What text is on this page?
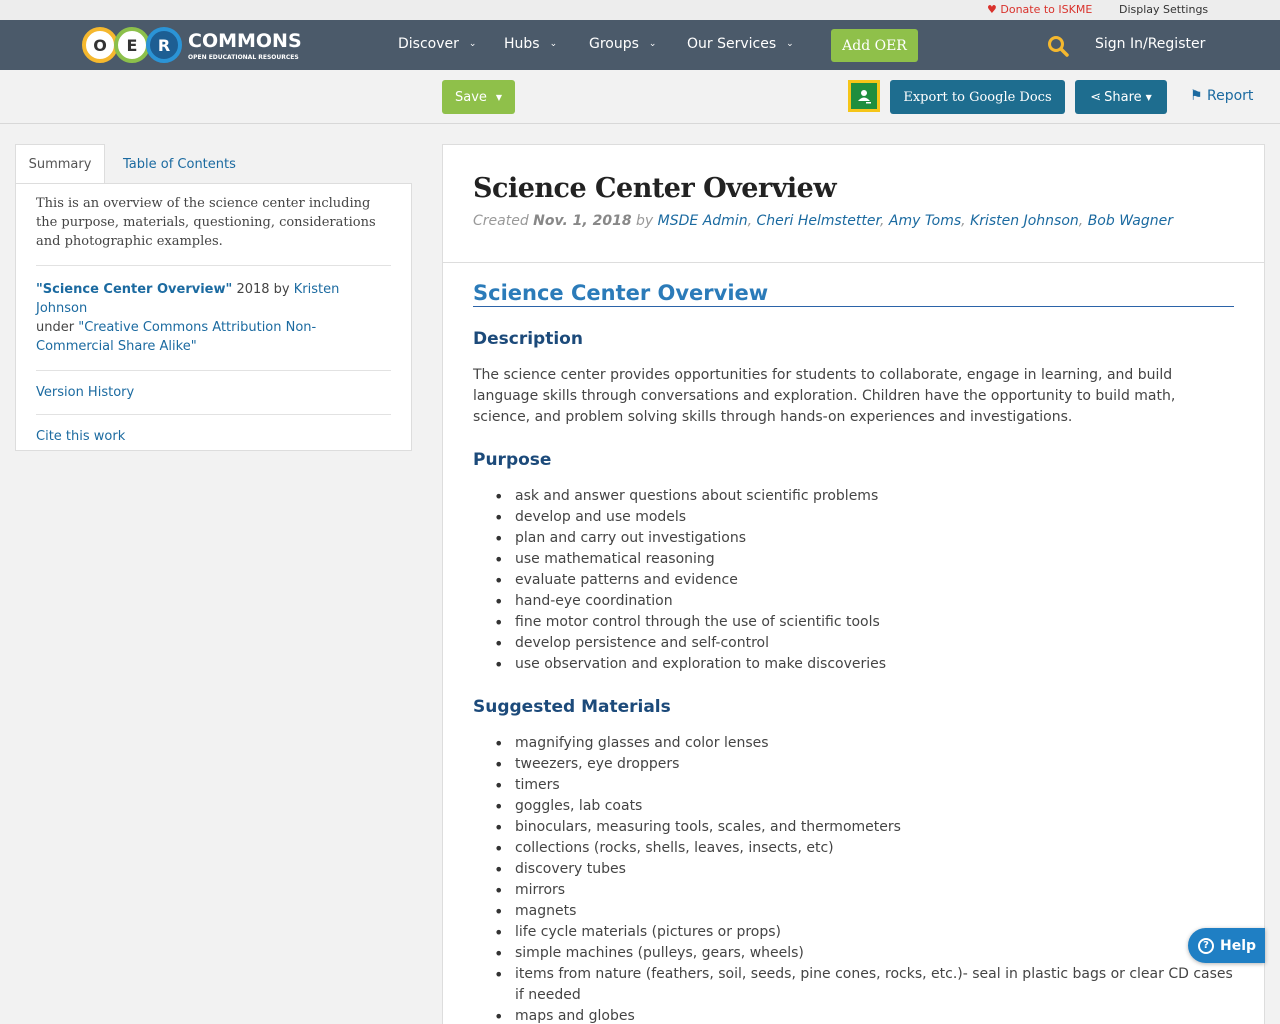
♥ Donate to ISKME Display Settings
O	E	R COMMONS
OPEN EDUCATIONAL RESOURCES
Discover ⌄ Hubs ⌄ Groups ⌄ Our Services ⌄	Add OER	Sign In/Register
Save ▼	Export to Google Docs	⋖ Share ▼	⚑ Report
Summary	Table of Contents

This is an overview of the science center including the purpose, materials, questioning, considerations and photographic examples.

"Science Center Overview" 2018 by Kristen Johnson
under "Creative Commons Attribution Non-Commercial Share Alike"

Version History
Cite this work
Science Center Overview

Created Nov. 1, 2018 by MSDE Admin, Cheri Helmstetter, Amy Toms, Kristen Johnson, Bob Wagner

Science Center Overview
Description

The science center provides opportunities for students to collaborate, engage in learning, and build language skills through conversations and exploration. Children have the opportunity to build math, science, and problem solving skills through hands-on experiences and investigations.

Purpose
• ask and answer questions about scientific problems
• develop and use models
• plan and carry out investigations
• use mathematical reasoning
• evaluate patterns and evidence
• hand-eye coordination
• fine motor control through the use of scientific tools
• develop persistence and self-control
• use observation and exploration to make discoveries
Suggested Materials
• magnifying glasses and color lenses
• tweezers, eye droppers
• timers
• goggles, lab coats
• binoculars, measuring tools, scales, and thermometers
• collections (rocks, shells, leaves, insects, etc)
• discovery tubes
• mirrors
• magnets
• life cycle materials (pictures or props)
• simple machines (pulleys, gears, wheels)
• items from nature (feathers, soil, seeds, pine cones, rocks, etc.)- seal in plastic bags or clear CD cases if needed
• maps and globes
? Help
